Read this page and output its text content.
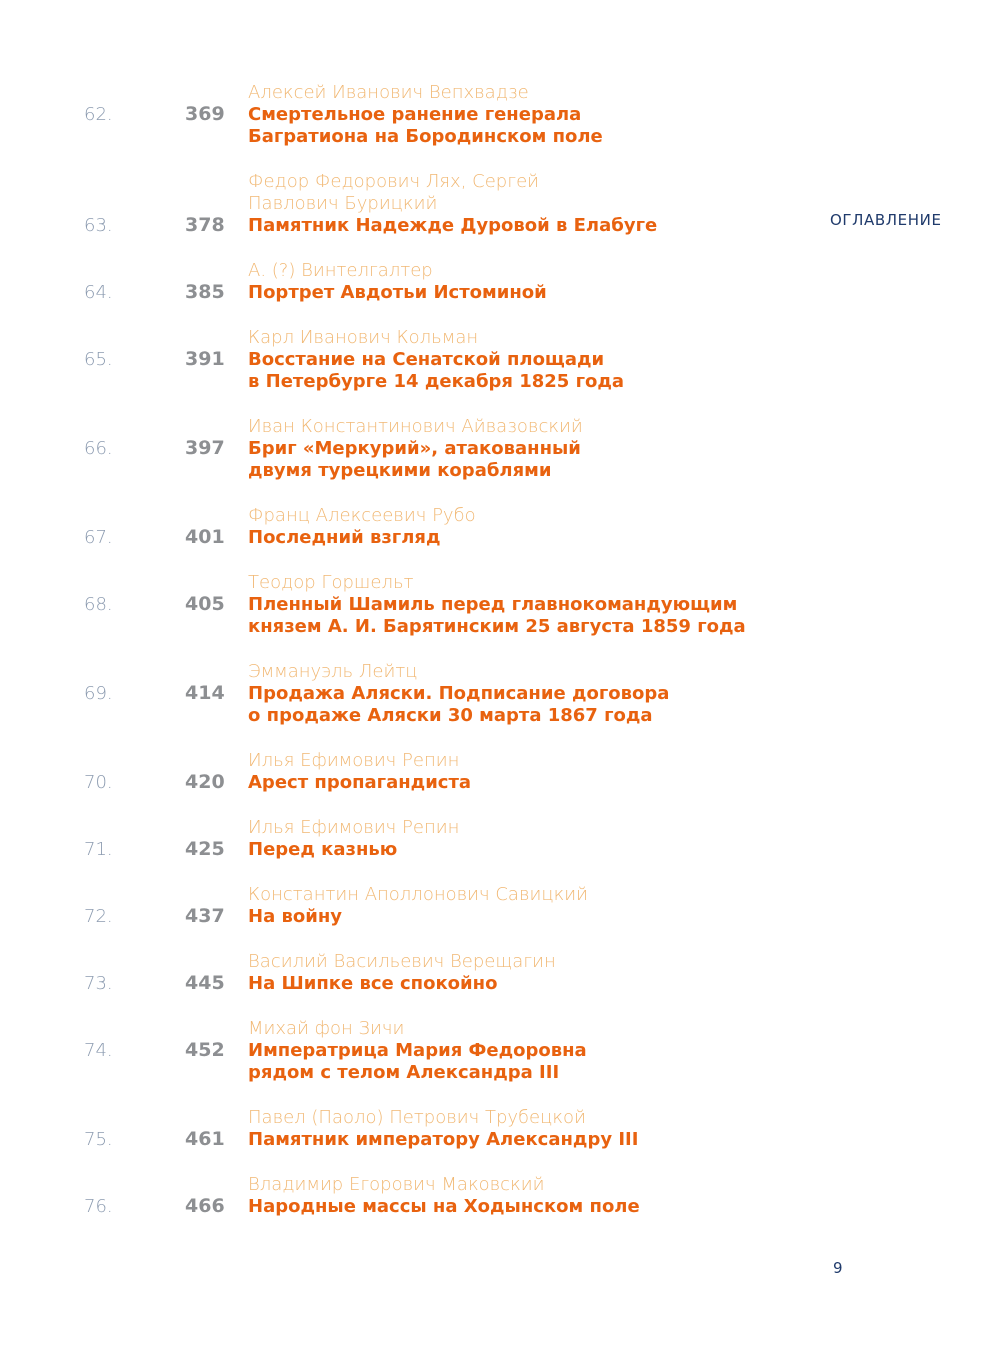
ОГЛАВЛЕНИЕ
62.	369
Алексей Иванович Вепхвадзе
Смертельное ранение генерала
Багратиона на Бородинском поле
63.	378
Федор Федорович Лях, Сергей
Павлович Бурицкий
Памятник Надежде Дуровой в Елабуге
64.	385
А. (?) Винтелгалтер
Портрет Авдотьи Истоминой
65.	391
Карл Иванович Кольман
Восстание на Сенатской площади
в Петербурге 14 декабря 1825 года
66.	397
Иван Константинович Айвазовский
Бриг «Меркурий», атакованный
двумя турецкими кораблями
67.	401
Франц Алексеевич Рубо
Последний взгляд
68.	405
Теодор Горшельт
Пленный Шамиль перед главнокомандующим
князем А. И. Барятинским 25 августа 1859 года
69.	414
Эммануэль Лейтц
Продажа Аляски. Подписание договора
о продаже Аляски 30 марта 1867 года
70.	420
Илья Ефимович Репин
Арест пропагандиста
71.	425
Илья Ефимович Репин
Перед казнью
72.	437
Константин Аполлонович Савицкий
На войну
73.	445
Василий Васильевич Верещагин
На Шипке все спокойно
74.	452
Михай фон Зичи
Императрица Мария Федоровна
рядом с телом Александра III
75.	461
Павел (Паоло) Петрович Трубецкой
Памятник императору Александру III
76.	466
Владимир Егорович Маковский
Народные массы на Ходынском поле
9
